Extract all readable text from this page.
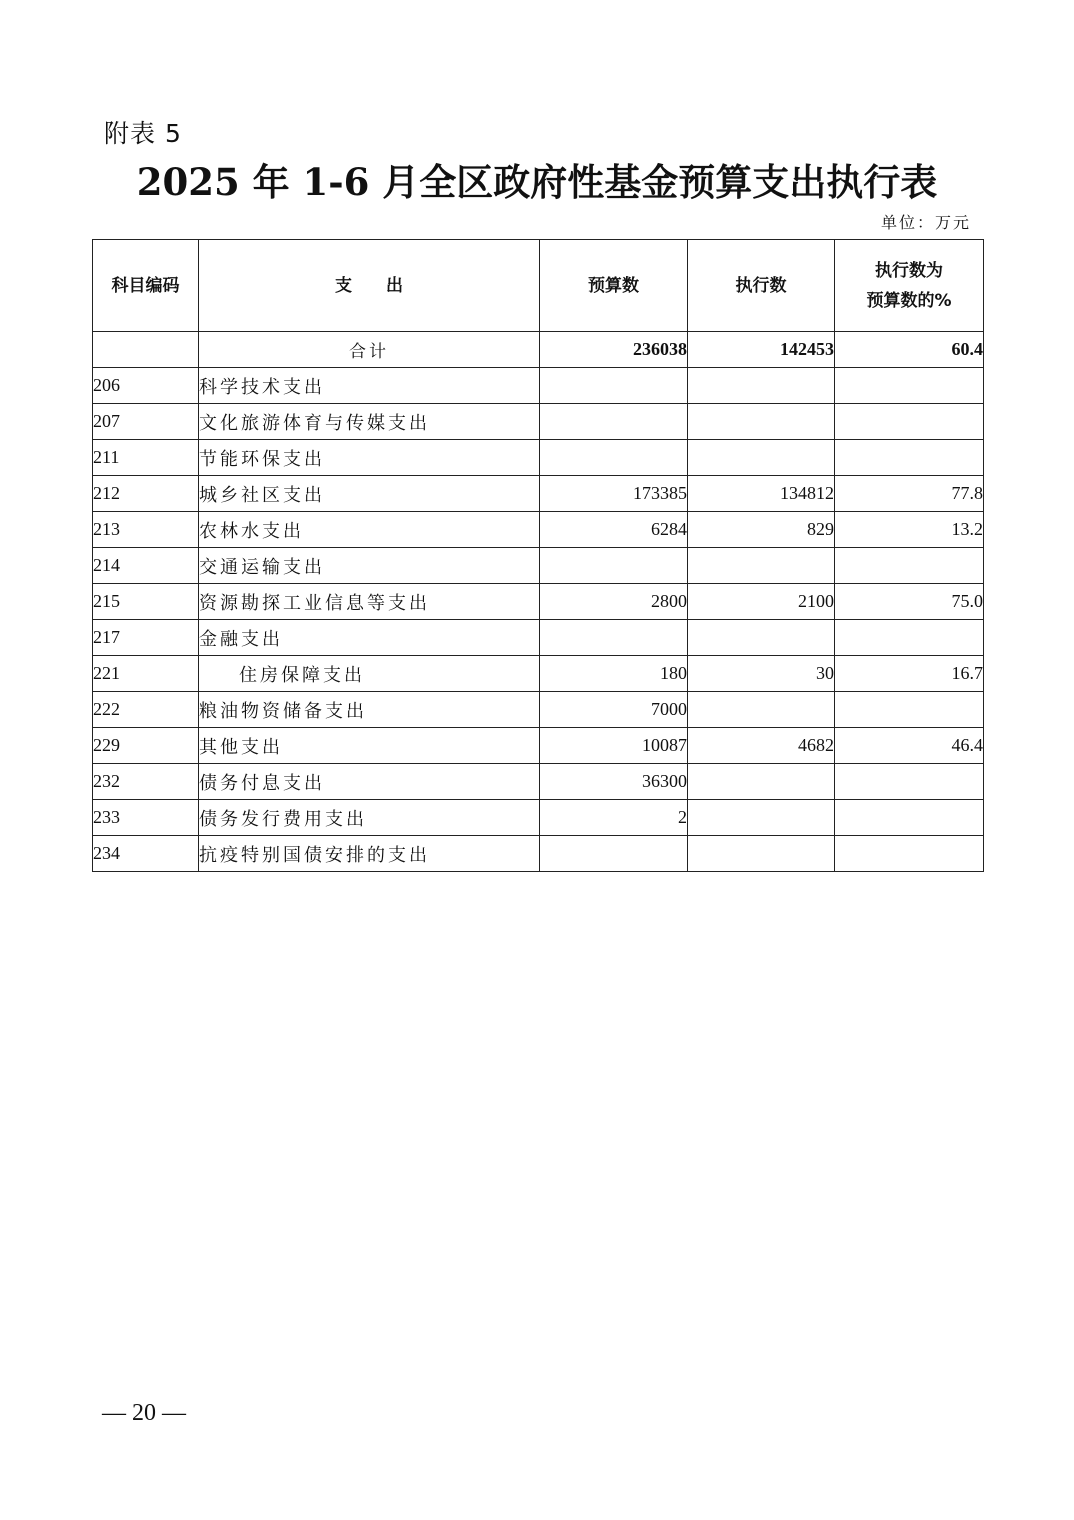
附表 5
2025 年 1-6 月全区政府性基金预算支出执行表
单位：万元
科目编码	支　　出	预算数	执行数	执行数为
预算数的%

	合计	236038	142453	60.4
206	科学技术支出			
207	文化旅游体育与传媒支出			
211	节能环保支出			
212	城乡社区支出	173385	134812	77.8
213	农林水支出	6284	829	13.2
214	交通运输支出			
215	资源勘探工业信息等支出	2800	2100	75.0
217	金融支出			
221	住房保障支出	180	30	16.7
222	粮油物资储备支出	7000		
229	其他支出	10087	4682	46.4
232	债务付息支出	36300		
233	债务发行费用支出	2		
234	抗疫特别国债安排的支出			
— 20 —
